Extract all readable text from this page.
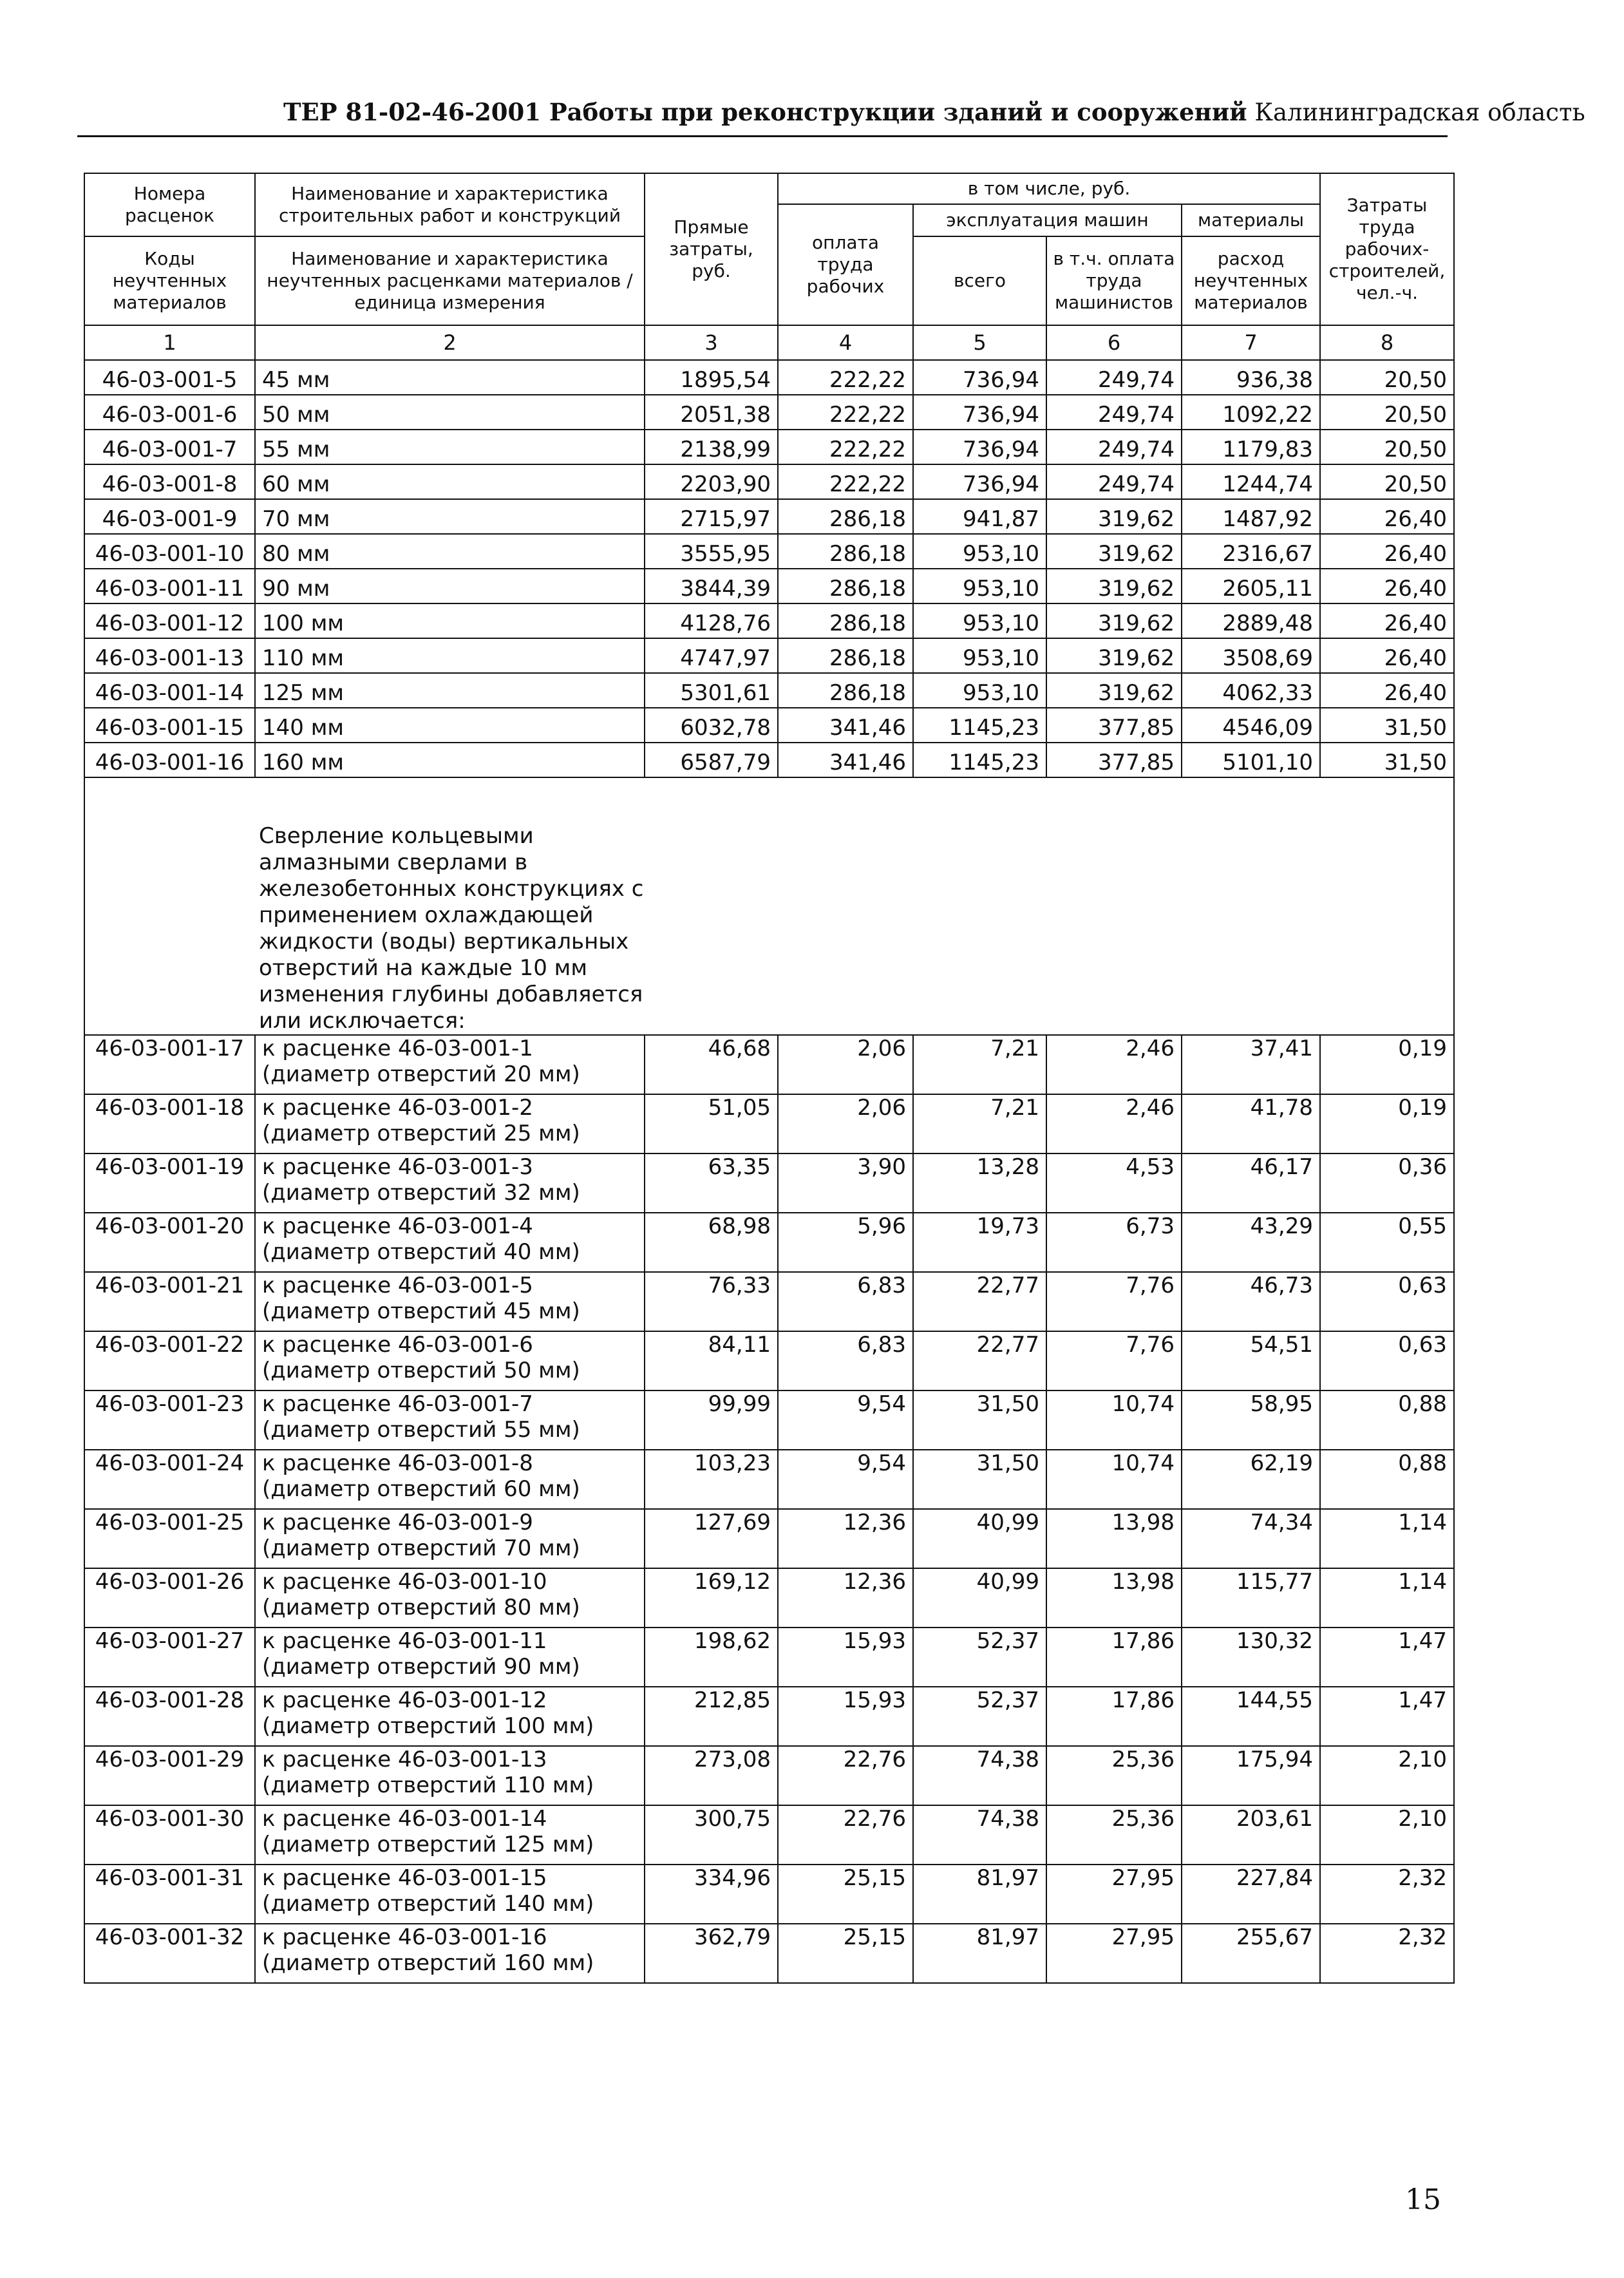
ТЕР 81-02-46-2001 Работы при реконструкции зданий и сооружений Калининградская область
Номера расценок	Наименование и характеристика строительных работ и конструкций	Прямые затраты, руб.	в том числе, руб.				Затраты труда рабочих-строителей, чел.-ч.
			оплата труда рабочих	эксплуатация машин		материалы	
Коды неучтенных материалов	Наименование и характеристика неучтенных расценками материалов / единица измерения			всего	в т.ч. оплата труда машинистов	расход неучтенных материалов	

1	2	3	4	5	6	7	8
46-03-001-5	45 мм	1895,54	222,22	736,94	249,74	936,38	20,50
46-03-001-6	50 мм	2051,38	222,22	736,94	249,74	1092,22	20,50
46-03-001-7	55 мм	2138,99	222,22	736,94	249,74	1179,83	20,50
46-03-001-8	60 мм	2203,90	222,22	736,94	249,74	1244,74	20,50
46-03-001-9	70 мм	2715,97	286,18	941,87	319,62	1487,92	26,40
46-03-001-10	80 мм	3555,95	286,18	953,10	319,62	2316,67	26,40
46-03-001-11	90 мм	3844,39	286,18	953,10	319,62	2605,11	26,40
46-03-001-12	100 мм	4128,76	286,18	953,10	319,62	2889,48	26,40
46-03-001-13	110 мм	4747,97	286,18	953,10	319,62	3508,69	26,40
46-03-001-14	125 мм	5301,61	286,18	953,10	319,62	4062,33	26,40
46-03-001-15	140 мм	6032,78	341,46	1145,23	377,85	4546,09	31,50
46-03-001-16	160 мм	6587,79	341,46	1145,23	377,85	5101,10	31,50

Сверление кольцевыми алмазными сверлами в железобетонных конструкциях с применением охлаждающей жидкости (воды) вертикальных отверстий на каждые 10 мм изменения глубины добавляется или исключается:							

46-03-001-17	к расценке 46-03-001-1 (диаметр отверстий 20 мм)	46,68	2,06	7,21	2,46	37,41	0,19
46-03-001-18	к расценке 46-03-001-2 (диаметр отверстий 25 мм)	51,05	2,06	7,21	2,46	41,78	0,19
46-03-001-19	к расценке 46-03-001-3 (диаметр отверстий 32 мм)	63,35	3,90	13,28	4,53	46,17	0,36
46-03-001-20	к расценке 46-03-001-4 (диаметр отверстий 40 мм)	68,98	5,96	19,73	6,73	43,29	0,55
46-03-001-21	к расценке 46-03-001-5 (диаметр отверстий 45 мм)	76,33	6,83	22,77	7,76	46,73	0,63
46-03-001-22	к расценке 46-03-001-6 (диаметр отверстий 50 мм)	84,11	6,83	22,77	7,76	54,51	0,63
46-03-001-23	к расценке 46-03-001-7 (диаметр отверстий 55 мм)	99,99	9,54	31,50	10,74	58,95	0,88
46-03-001-24	к расценке 46-03-001-8 (диаметр отверстий 60 мм)	103,23	9,54	31,50	10,74	62,19	0,88
46-03-001-25	к расценке 46-03-001-9 (диаметр отверстий 70 мм)	127,69	12,36	40,99	13,98	74,34	1,14
46-03-001-26	к расценке 46-03-001-10 (диаметр отверстий 80 мм)	169,12	12,36	40,99	13,98	115,77	1,14
46-03-001-27	к расценке 46-03-001-11 (диаметр отверстий 90 мм)	198,62	15,93	52,37	17,86	130,32	1,47
46-03-001-28	к расценке 46-03-001-12 (диаметр отверстий 100 мм)	212,85	15,93	52,37	17,86	144,55	1,47
46-03-001-29	к расценке 46-03-001-13 (диаметр отверстий 110 мм)	273,08	22,76	74,38	25,36	175,94	2,10
46-03-001-30	к расценке 46-03-001-14 (диаметр отверстий 125 мм)	300,75	22,76	74,38	25,36	203,61	2,10
46-03-001-31	к расценке 46-03-001-15 (диаметр отверстий 140 мм)	334,96	25,15	81,97	27,95	227,84	2,32
46-03-001-32	к расценке 46-03-001-16 (диаметр отверстий 160 мм)	362,79	25,15	81,97	27,95	255,67	2,32
15
